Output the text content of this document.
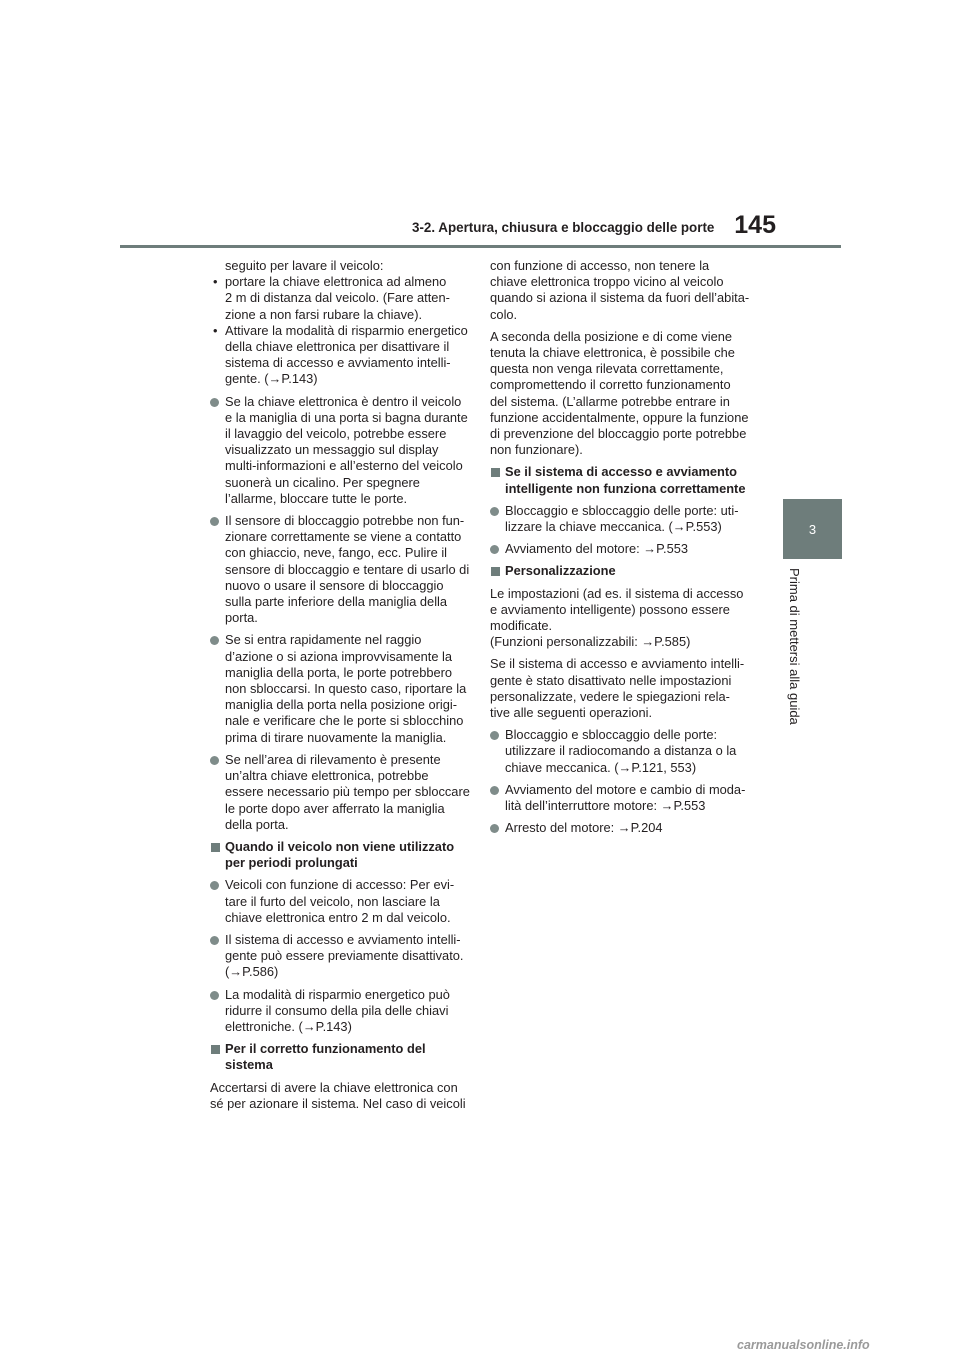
3-2. Apertura, chiusura e bloccaggio delle porte 145
3
Prima di mettersi alla guida
seguito per lavare il veicolo:
• portare la chiave elettronica ad almeno
2 m di distanza dal veicolo. (Fare atten-
zione a non farsi rubare la chiave).
• Attivare la modalità di risparmio energetico
della chiave elettronica per disattivare il
sistema di accesso e avviamento intelli-
gente. (→P.143)
Se la chiave elettronica è dentro il veicolo
e la maniglia di una porta si bagna durante
il lavaggio del veicolo, potrebbe essere
visualizzato un messaggio sul display
multi-informazioni e all’esterno del veicolo
suonerà un cicalino. Per spegnere
l’allarme, bloccare tutte le porte.
Il sensore di bloccaggio potrebbe non fun-
zionare correttamente se viene a contatto
con ghiaccio, neve, fango, ecc. Pulire il
sensore di bloccaggio e tentare di usarlo di
nuovo o usare il sensore di bloccaggio
sulla parte inferiore della maniglia della
porta.
Se si entra rapidamente nel raggio
d’azione o si aziona improvvisamente la
maniglia della porta, le porte potrebbero
non sbloccarsi. In questo caso, riportare la
maniglia della porta nella posizione origi-
nale e verificare che le porte si sblocchino
prima di tirare nuovamente la maniglia.
Se nell’area di rilevamento è presente
un’altra chiave elettronica, potrebbe
essere necessario più tempo per sbloccare
le porte dopo aver afferrato la maniglia
della porta.
Quando il veicolo non viene utilizzato
per periodi prolungati
Veicoli con funzione di accesso: Per evi-
tare il furto del veicolo, non lasciare la
chiave elettronica entro 2 m dal veicolo.
Il sistema di accesso e avviamento intelli-
gente può essere previamente disattivato.
(→P.586)
La modalità di risparmio energetico può
ridurre il consumo della pila delle chiavi
elettroniche. (→P.143)
Per il corretto funzionamento del
sistema
Accertarsi di avere la chiave elettronica con
sé per azionare il sistema. Nel caso di veicoli
con funzione di accesso, non tenere la
chiave elettronica troppo vicino al veicolo
quando si aziona il sistema da fuori dell’abita-
colo.
A seconda della posizione e di come viene
tenuta la chiave elettronica, è possibile che
questa non venga rilevata correttamente,
compromettendo il corretto funzionamento
del sistema. (L’allarme potrebbe entrare in
funzione accidentalmente, oppure la funzione
di prevenzione del bloccaggio porte potrebbe
non funzionare).
Se il sistema di accesso e avviamento
intelligente non funziona correttamente
Bloccaggio e sbloccaggio delle porte: uti-
lizzare la chiave meccanica. (→P.553)
Avviamento del motore: →P.553
Personalizzazione
Le impostazioni (ad es. il sistema di accesso
e avviamento intelligente) possono essere
modificate.
(Funzioni personalizzabili: →P.585)
Se il sistema di accesso e avviamento intelli-
gente è stato disattivato nelle impostazioni
personalizzate, vedere le spiegazioni rela-
tive alle seguenti operazioni.
Bloccaggio e sbloccaggio delle porte:
utilizzare il radiocomando a distanza o la
chiave meccanica. (→P.121, 553)
Avviamento del motore e cambio di moda-
lità dell’interruttore motore: →P.553
Arresto del motore: →P.204
carmanualsonline.info
